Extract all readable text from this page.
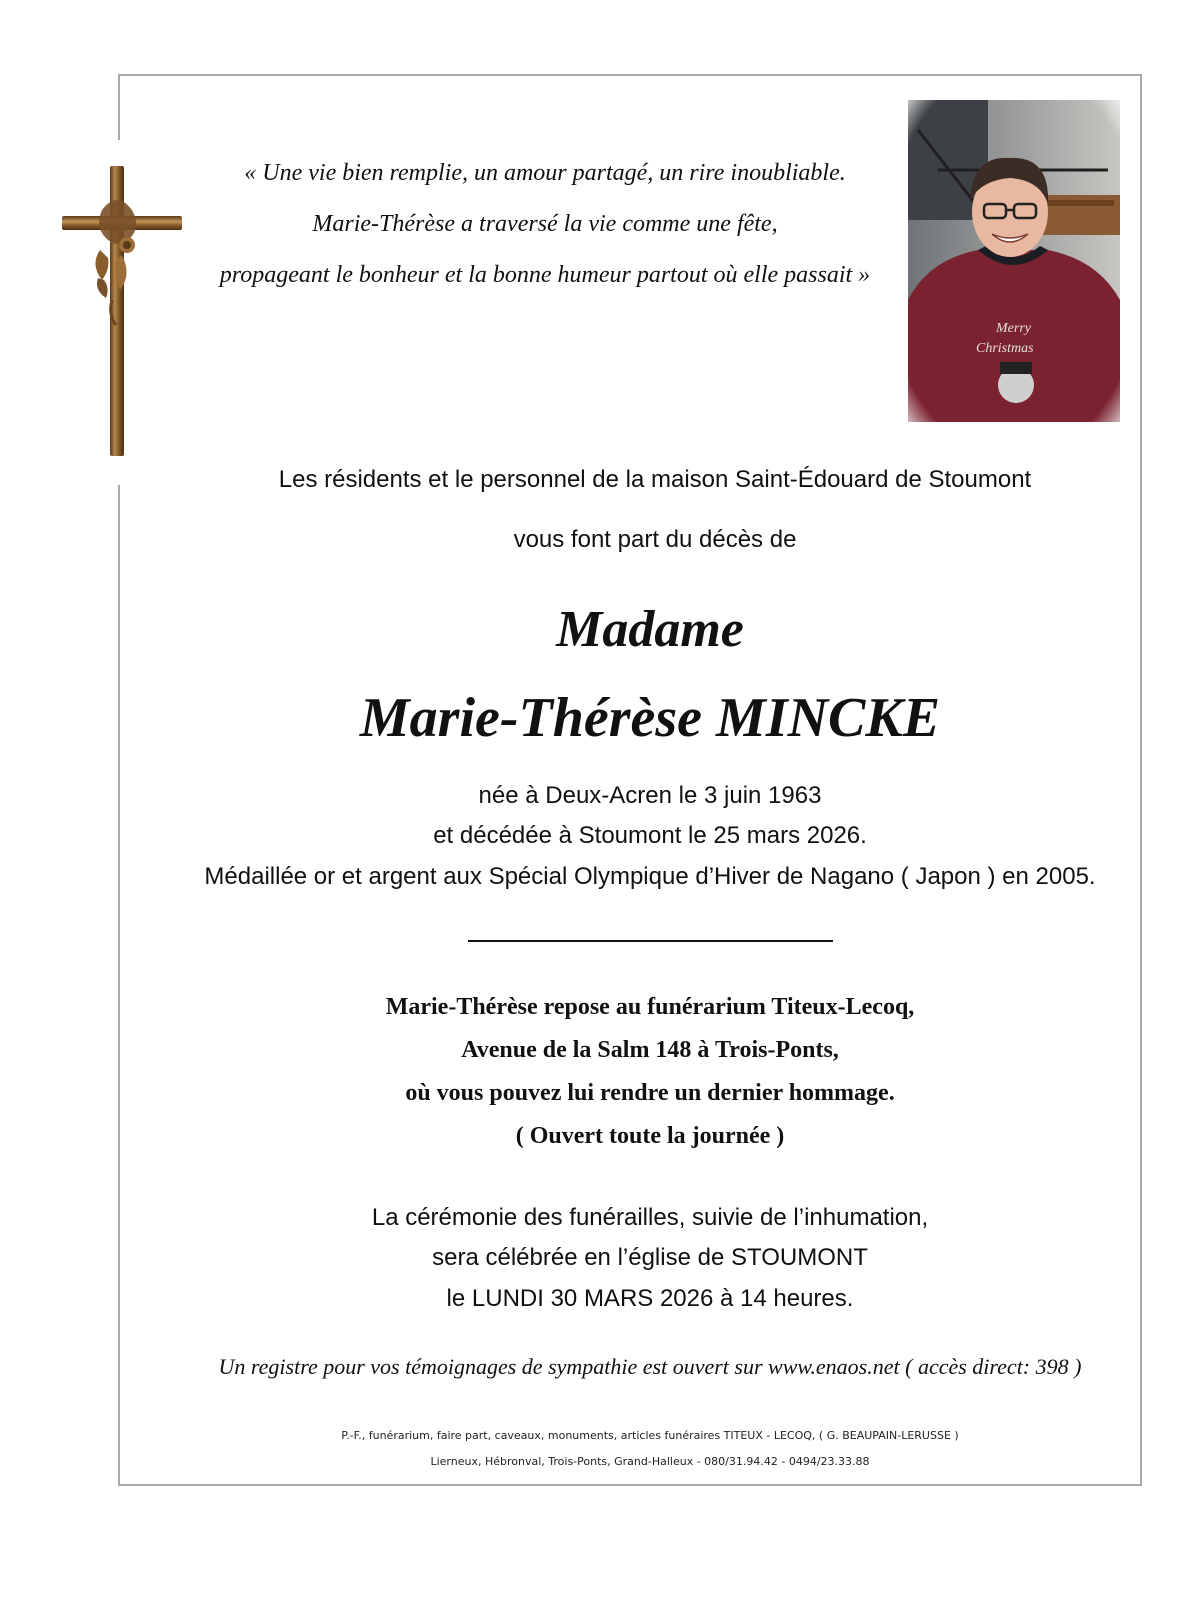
« Une vie bien remplie, un amour partagé, un rire inoubliable.
Marie-Thérèse a traversé la vie comme une fête,
propageant le bonheur et la bonne humeur partout où elle passait »
Les résidents et le personnel de la maison Saint-Édouard de Stoumont
vous font part du décès de
Madame
Marie-Thérèse MINCKE
née à Deux-Acren le 3 juin 1963
et décédée à Stoumont le 25 mars 2026.
Médaillée or et argent aux Spécial Olympique d’Hiver de Nagano ( Japon ) en 2005.
Marie-Thérèse repose au funérarium Titeux-Lecoq,
Avenue de la Salm 148 à Trois-Ponts,
où vous pouvez lui rendre un dernier hommage.
( Ouvert toute la journée )
La cérémonie des funérailles, suivie de l’inhumation,
sera célébrée en l’église de STOUMONT
le LUNDI 30 MARS 2026 à 14 heures.
Un registre pour vos témoignages de sympathie est ouvert sur www.enaos.net ( accès direct: 398 )
P.-F., funérarium, faire part, caveaux, monuments, articles funéraires TITEUX - LECOQ, ( G. BEAUPAIN-LERUSSE )
Lierneux, Hébronval, Trois-Ponts, Grand-Halleux - 080/31.94.42 - 0494/23.33.88
